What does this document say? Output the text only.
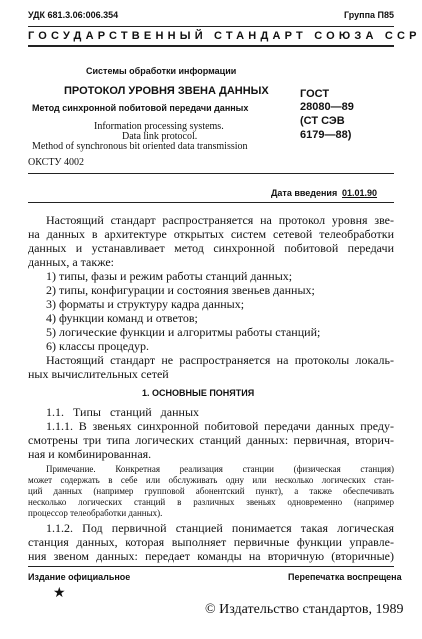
УДК 681.3.06:006.354	Группа П85
ГОСУДАРСТВЕННЫЙ СТАНДАРТ СОЮЗА ССР
Системы обработки информации
ПРОТОКОЛ УРОВНЯ ЗВЕНА ДАННЫХ
Метод синхронной побитовой передачи данных
Information processing systems.
Data link protocol.
Method of synchronous bit oriented data transmission
ГОСТ
28080—89
(СТ СЭВ
6179—88)
ОКСТУ 4002
Дата введения 01.01.90
Настоящий стандарт распространяется на протокол уровня зве-
на данных в архитектуре открытых систем сетевой телеобработки
данных и устанавливает метод синхронной побитовой передачи
данных, а также:
1) типы, фазы и режим работы станций данных;
2) типы, конфигурации и состояния звеньев данных;
3) форматы и структуру кадра данных;
4) функции команд и ответов;
5) логические функции и алгоритмы работы станций;
6) классы процедур.
Настоящий стандарт не распространяется на протоколы локаль-
ных вычислительных сетей
1. ОСНОВНЫЕ ПОНЯТИЯ
1.1. Типы станций данных
1.1.1. В звеньях синхронной побитовой передачи данных преду-
смотрены три типа логических станций данных: первичная, вторич-
ная и комбинированная.
Примечание. Конкретная реализация станции (физическая станция)
может содержать в себе или обслуживать одну или несколько логических стан-
ций данных (например групповой абонентский пункт), а также обеспечивать
несколько логических станций в различных звеньях одновременно (например
процессор телеобработки данных).
1.1.2. Под первичной станцией понимается такая логическая
станция данных, которая выполняет первичные функции управле-
ния звеном данных: передает команды на вторичную (вторичные)
Издание официальное	Перепечатка воспрещена
★
© Издательство стандартов, 1989
